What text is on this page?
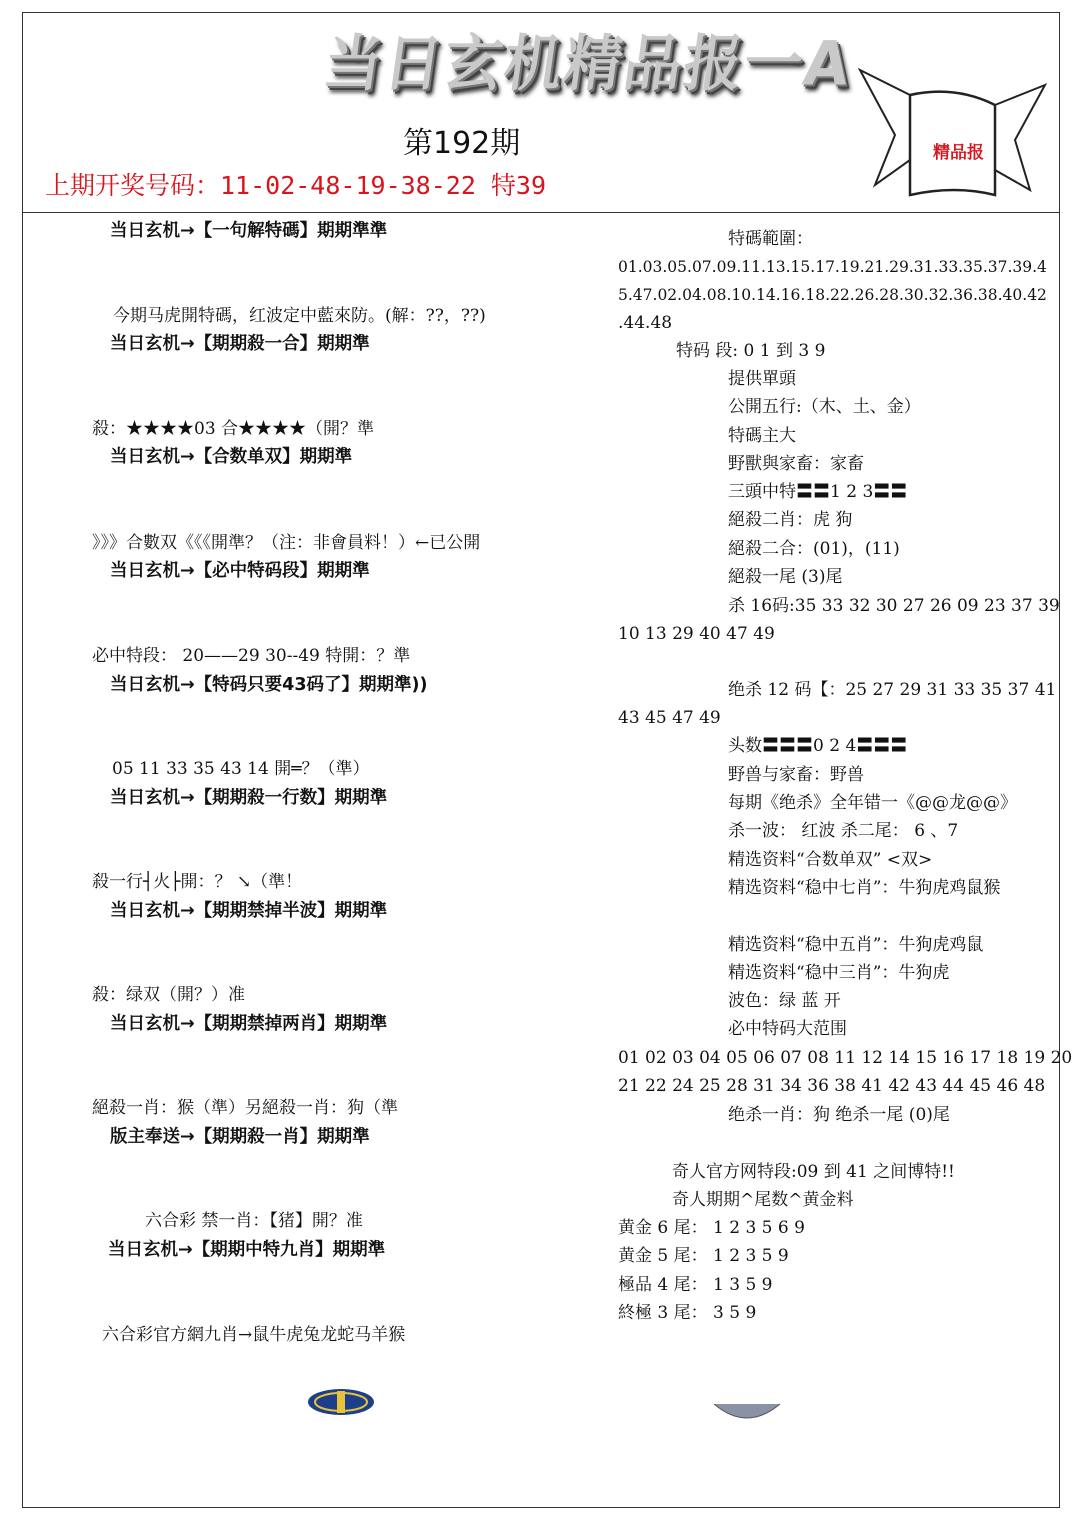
当日玄机精品报一A
第192期
上期开奖号码：11-02-48-19-38-22 特39
精品报
当日玄机→【一句解特碼】期期準準
今期马虎開特碼，红波定中藍來防。(解：??，??)
当日玄机→【期期殺一合】期期準
殺：★★★★03 合★★★★（開？準
当日玄机→【合数单双】期期準
》》》合數双《《《開準？（注：非會員料！）←已公開
当日玄机→【必中特码段】期期準
必中特段： 20——29 30--49 特開：？準
当日玄机→【特码只要43码了】期期準))
05 11 33 35 43 14 開═？（準）
当日玄机→【期期殺一行数】期期準
殺一行┤火├開：？ ↘（準！
当日玄机→【期期禁掉半波】期期準
殺：绿双（開？）准
当日玄机→【期期禁掉两肖】期期準
絕殺一肖：猴（準）另絕殺一肖：狗（準
版主奉送→【期期殺一肖】期期準
六合彩 禁一肖：【猪】開？准
当日玄机→【期期中特九肖】期期準
六合彩官方網九肖→鼠牛虎兔龙蛇马羊猴
特碼範圍：
01.03.05.07.09.11.13.15.17.19.21.29.31.33.35.37.39.4
5.47.02.04.08.10.14.16.18.22.26.28.30.32.36.38.40.42
.44.48
特码 段: 0 1 到 3 9
提供單頭
公開五行:（木、土、金）
特碼主大
野獸與家畜：家畜
三頭中特〓〓1 2 3〓〓
絕殺二肖：虎 狗
絕殺二合：(01)，(11)
絕殺一尾 (3)尾
杀 16码:35 33 32 30 27 26 09 23 37 39
10 13 29 40 47 49
绝杀 12 码【：25 27 29 31 33 35 37 41
43 45 47 49
头数〓〓〓0 2 4〓〓〓
野兽与家畜：野兽
每期《绝杀》全年错一《@@龙@@》
杀一波： 红波 杀二尾： 6 、7
精选资料“合数单双” <双>
精选资料“稳中七肖”：牛狗虎鸡鼠猴
精选资料“稳中五肖”：牛狗虎鸡鼠
精选资料“稳中三肖”：牛狗虎
波色：绿 蓝 开
必中特码大范围
01 02 03 04 05 06 07 08 11 12 14 15 16 17 18 19 20
21 22 24 25 28 31 34 36 38 41 42 43 44 45 46 48
绝杀一肖：狗 绝杀一尾 (0)尾
奇人官方网特段:09 到 41 之间博特!!
奇人期期^尾数^黄金料
黄金 6 尾： 1 2 3 5 6 9
黄金 5 尾： 1 2 3 5 9
極品 4 尾： 1 3 5 9
終極 3 尾： 3 5 9
